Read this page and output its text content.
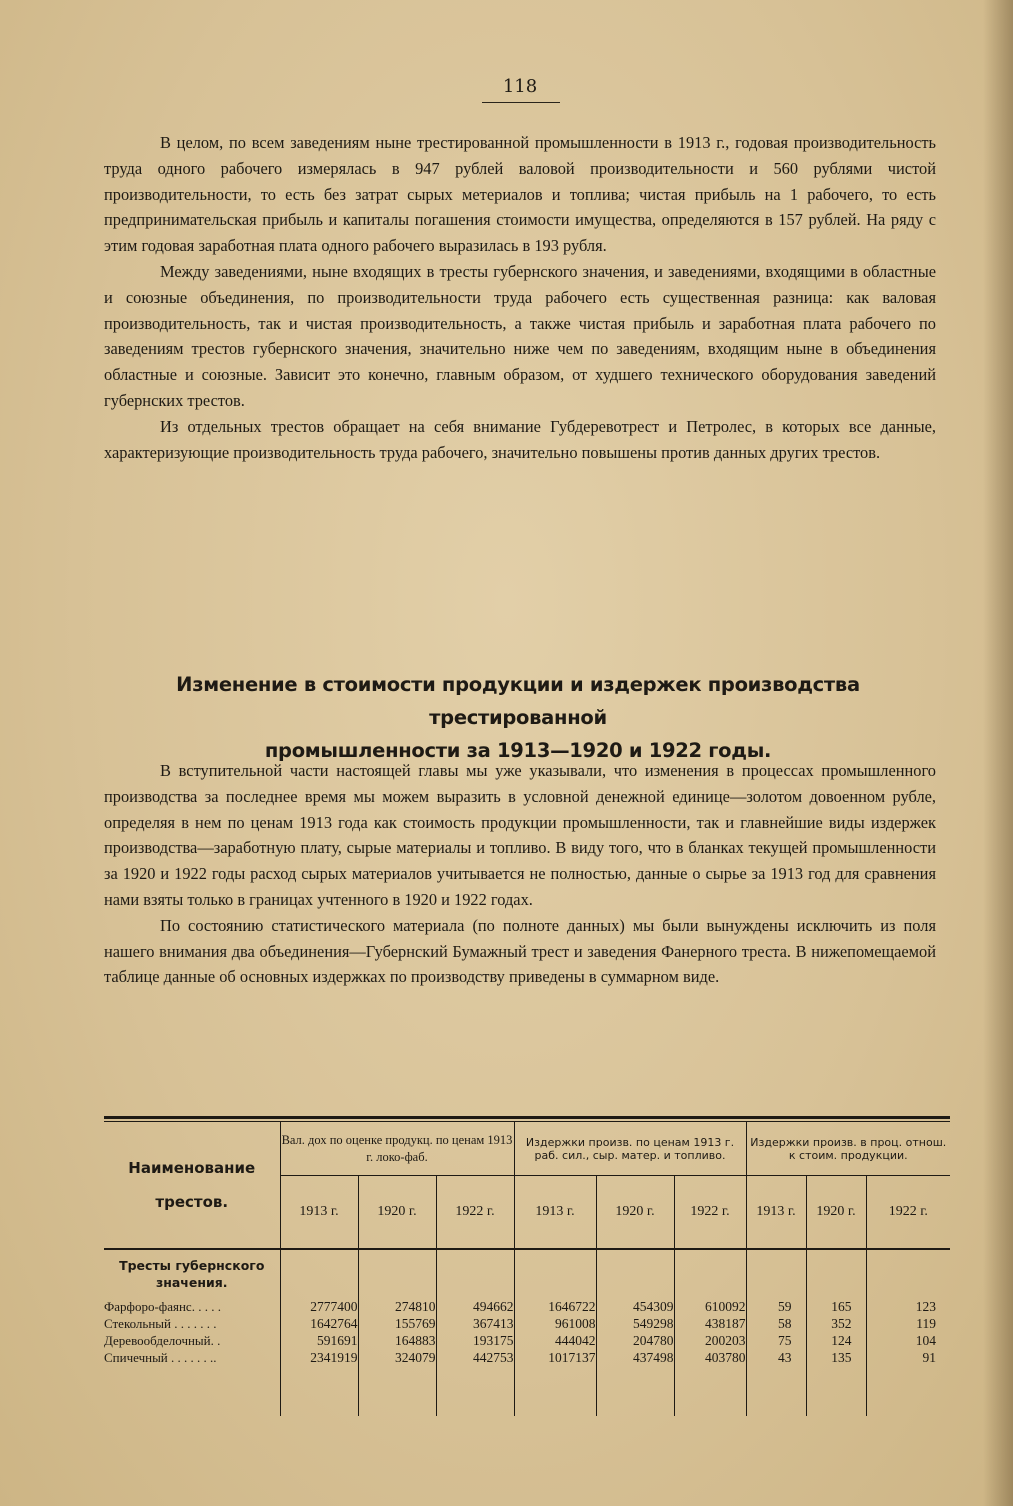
118

В целом, по всем заведениям ныне трестированной промышленности в 1913 г., годовая производительность труда одного рабочего измерялась в 947 рублей валовой производительности и 560 рублями чистой производительности, то есть без затрат сырых метериалов и топлива; чистая прибыль на 1 рабочего, то есть предпринимательская прибыль и капиталы погашения стоимости имущества, определяются в 157 рублей. На ряду с этим годовая заработная плата одного рабочего выразилась в 193 рубля.

Между заведениями, ныне входящих в тресты губернского значения, и заведениями, входящими в областные и союзные объединения, по производительности труда рабочего есть существенная разница: как валовая производительность, так и чистая производительность, а также чистая прибыль и заработная плата рабочего по заведениям трестов губернского значения, значительно ниже чем по заведениям, входящим ныне в объединения областные и союзные. Зависит это конечно, главным образом, от худшего технического оборудования заведений губернских трестов.

Из отдельных трестов обращает на себя внимание Губдеревотрест и Петролес, в которых все данные, характеризующие производительность труда рабочего, значительно повышены против данных других трестов.

Изменение в стоимости продукции и издержек производства трестированной
промышленности за 1913—1920 и 1922 годы.

В вступительной части настоящей главы мы уже указывали, что изменения в процессах промышленного производства за последнее время мы можем выразить в условной денежной единице—золотом довоенном рубле, определяя в нем по ценам 1913 года как стоимость продукции промышленности, так и главнейшие виды издержек производства—заработную плату, сырые материалы и топливо. В виду того, что в бланках текущей промышленности за 1920 и 1922 годы расход сырых материалов учитывается не полностью, данные о сырье за 1913 год для сравнения нами взяты только в границах учтенного в 1920 и 1922 годах.

По состоянию статистического материала (по полноте данных) мы были вынуждены исключить из поля нашего внимания два объединения—Губернский Бумажный трест и заведения Фанерного треста. В нижепомещаемой таблице данные об основных издержках по производству приведены в суммарном виде.

Наименование
трестов.	Вал. дох по оценке продукц. по ценам 1913 г. локо-фаб.			Издержки произв. по ценам 1913 г. раб. сил., сыр. матер. и топливо.			Издержки произв. в проц. отнош. к стоим. продукции.		
	1913 г.	1920 г.	1922 г.	1913 г.	1920 г.	1922 г.	1913 г.	1920 г.	1922 г.
Тресты губернского значения.									
Фарфоро-фаянс. . . . .	2777400	274810	494662	1646722	454309	610092	59	165	123
Стекольный . . . . . . .	1642764	155769	367413	961008	549298	438187	58	352	119
Деревообделочный. .	591691	164883	193175	444042	204780	200203	75	124	104
Спичечный . . . . . . ..	2341919	324079	442753	1017137	437498	403780	43	135	91
